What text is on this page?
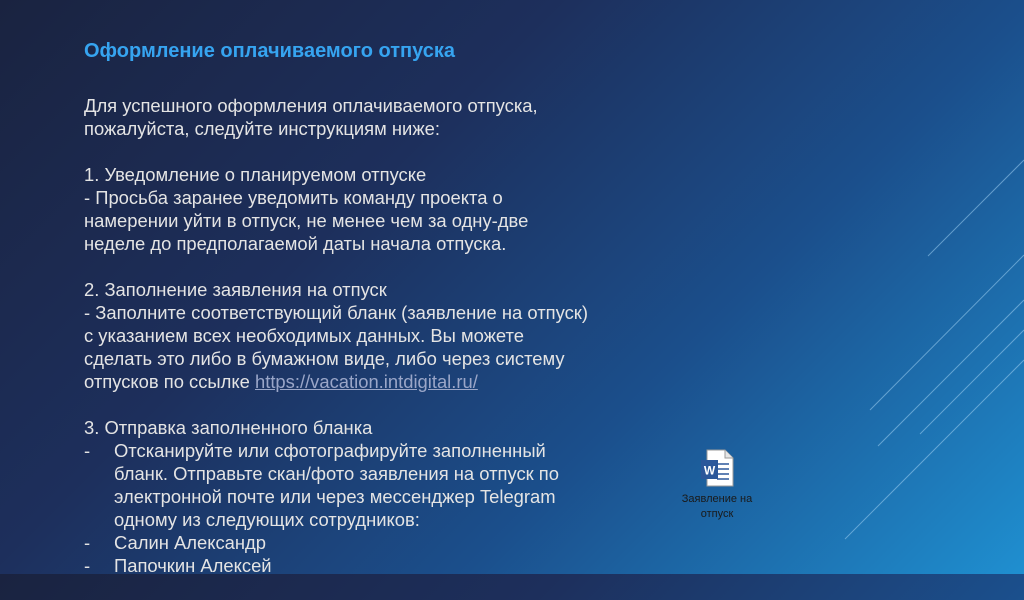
Оформление оплачиваемого отпуска
Для успешного оформления оплачиваемого отпуска,
пожалуйста, следуйте инструкциям ниже:
1. Уведомление о планируемом отпуске
- Просьба заранее уведомить команду проекта о
намерении уйти в отпуск, не менее чем за одну-две
неделе до предполагаемой даты начала отпуска.
2. Заполнение заявления на отпуск
- Заполните соответствующий бланк (заявление на отпуск)
с указанием всех необходимых данных. Вы можете
сделать это либо в бумажном виде, либо через систему
отпусков по ссылке https://vacation.intdigital.ru/
3. Отправка заполненного бланка
- Отсканируйте или сфотографируйте заполненный
бланк. Отправьте скан/фото заявления на отпуск по
электронной почте или через мессенджер Telegram
одному из следующих сотрудников:
- Салин Александр
- Папочкин Алексей
W
Заявление на
отпуск
